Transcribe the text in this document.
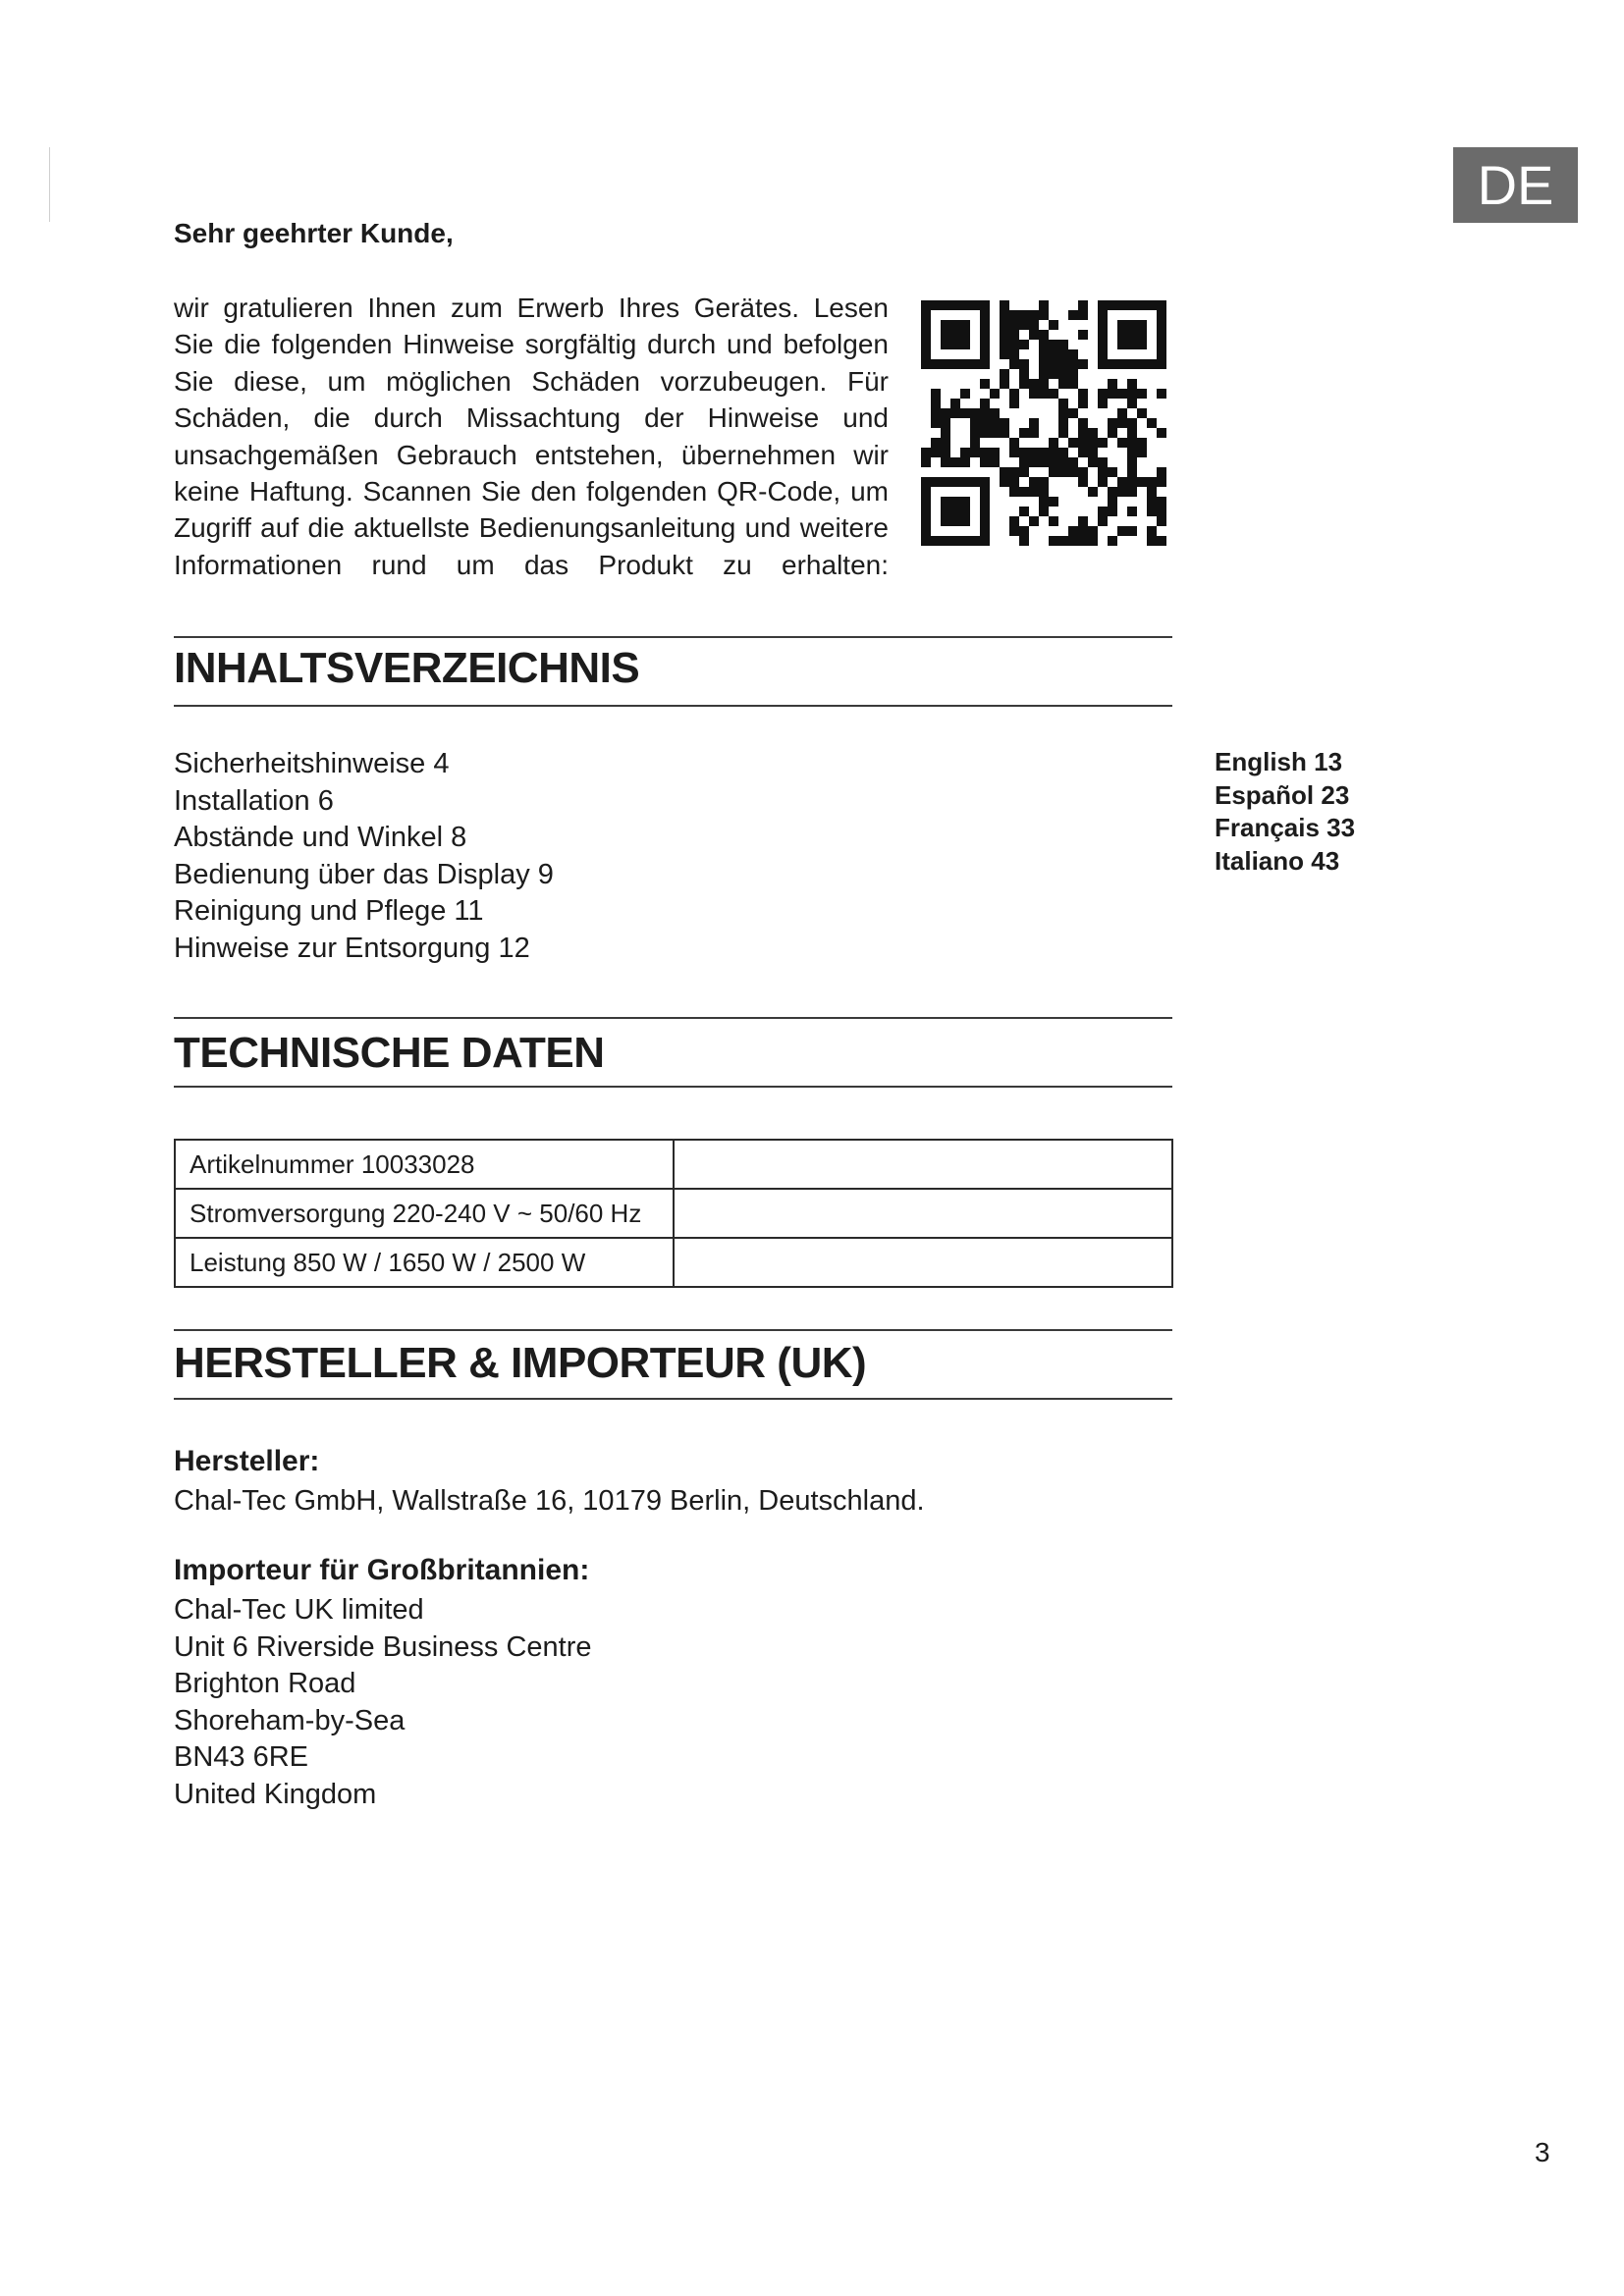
DE
Sehr geehrter Kunde,

wir gratulieren Ihnen zum Erwerb Ihres Gerätes. Lesen Sie die folgenden Hinweise sorgfältig durch und befolgen Sie diese, um möglichen Schäden vorzubeugen. Für Schäden, die durch Missachtung der Hinweise und unsachgemäßen Gebrauch entstehen, übernehmen wir keine Haftung. Scannen Sie den folgenden QR-Code, um Zugriff auf die aktuellste Bedienungsanleitung und weitere Informationen rund um das Produkt zu erhalten:

INHALTSVERZEICHNIS
Sicherheitshinweise 4
Installation 6
Abstände und Winkel 8
Bedienung über das Display 9
Reinigung und Pflege 11
Hinweise zur Entsorgung 12
English 13
Español 23
Français 33
Italiano 43
TECHNISCHE DATEN
Artikelnummer 10033028	
Stromversorgung 220-240 V ~ 50/60 Hz	
Leistung 850 W / 1650 W / 2500 W	
HERSTELLER & IMPORTEUR (UK)
Hersteller:
Chal-Tec GmbH, Wallstraße 16, 10179 Berlin, Deutschland.
Importeur für Großbritannien:
Chal-Tec UK limited
Unit 6 Riverside Business Centre
Brighton Road
Shoreham-by-Sea
BN43 6RE
United Kingdom
3
